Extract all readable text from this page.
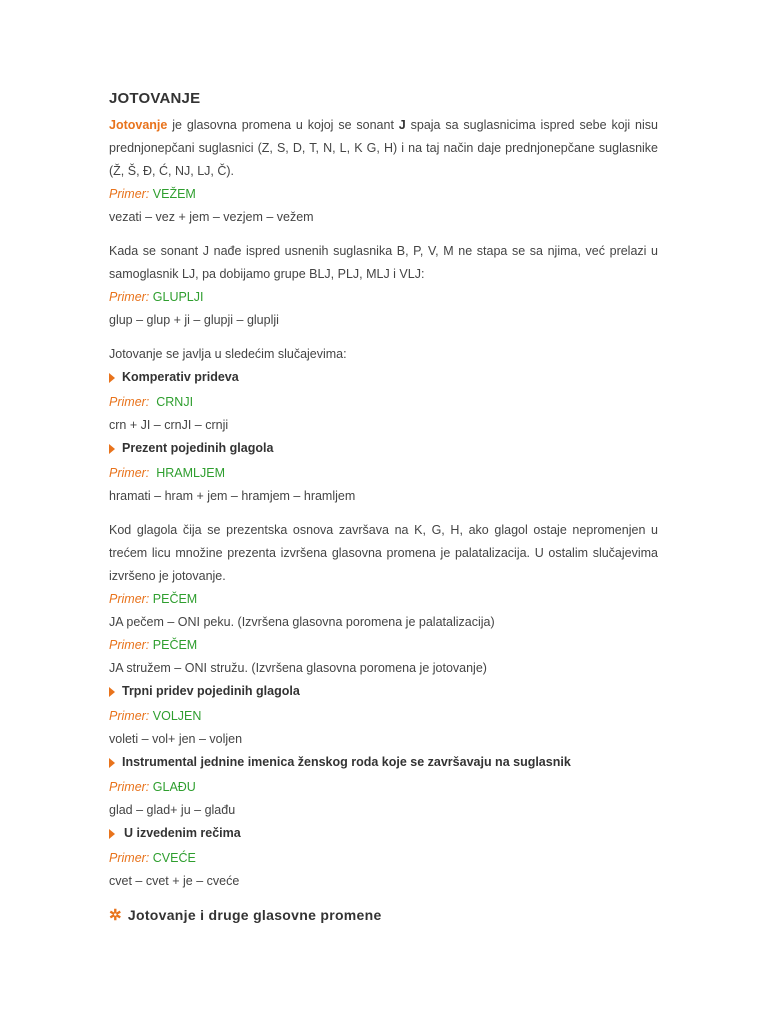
JOTOVANJE

Jotovanje je glasovna promena u kojoj se sonant J spaja sa suglasnicima ispred sebe koji nisu prednjonepčani suglasnici (Z, S, D, T, N, L, K G, H) i na taj način daje prednjonepčane suglasnike (Ž, Š, Đ, Ć, NJ, LJ, Č).

Primer: VEŽEM

vezati – vez + jem – vezjem – vežem

Kada se sonant J nađe ispred usnenih suglasnika B, P, V, M ne stapa se sa njima, već prelazi u samoglasnik LJ, pa dobijamo grupe BLJ, PLJ, MLJ i VLJ:

Primer: GLUPLJI

glup – glup + ji – glupji – gluplji

Jotovanje se javlja u sledećim slučajevima:

Komperativ prideva

Primer: CRNJI

crn + JI – crnJI – crnji

Prezent pojedinih glagola

Primer: HRAMLJEM

hramati – hram + jem – hramjem – hramljem

Kod glagola čija se prezentska osnova završava na K, G, H, ako glagol ostaje nepromenjen u trećem licu množine prezenta izvršena glasovna promena je palatalizacija. U ostalim slučajevima izvršeno je jotovanje.

Primer: PEČEM

JA pečem – ONI peku. (Izvršena glasovna poromena je palatalizacija)

Primer: PEČEM

JA stružem – ONI stružu. (Izvršena glasovna poromena je jotovanje)

Trpni pridev pojedinih glagola

Primer: VOLJEN

voleti – vol+ jen – voljen

Instrumental jednine imenica ženskog roda koje se završavaju na suglasnik

Primer: GLAĐU

glad – glad+ ju – glađu

U izvedenim rečima

Primer: CVEĆE

cvet – cvet + je – cveće

✲ Jotovanje i druge glasovne promene
